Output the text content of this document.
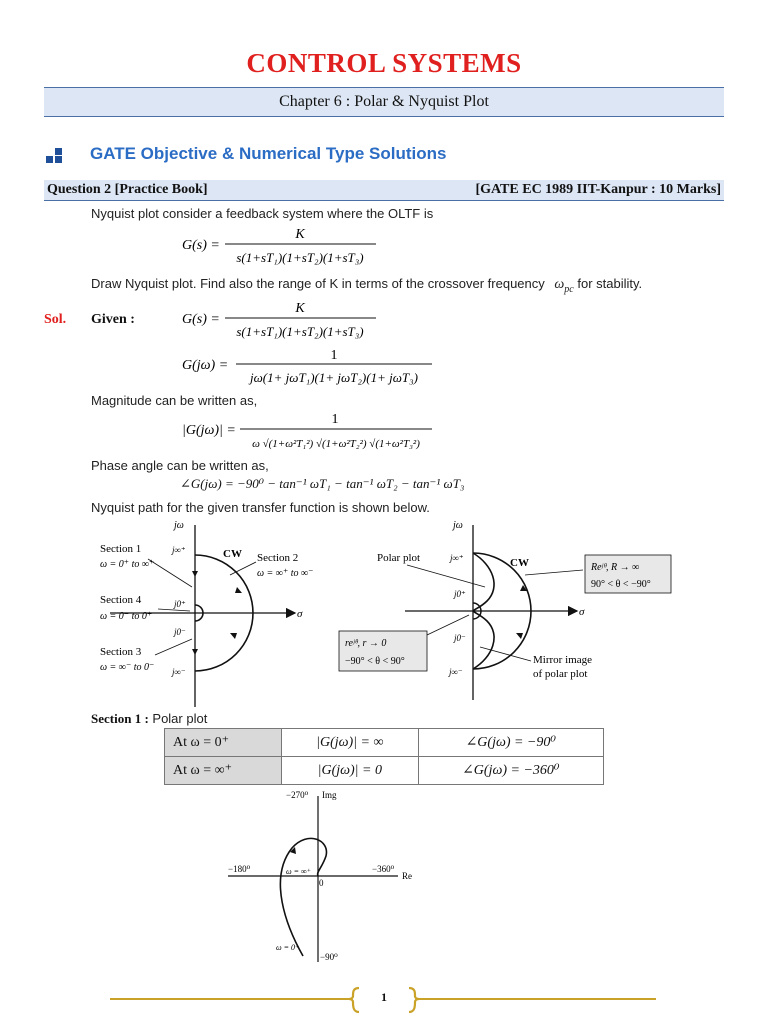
CONTROL SYSTEMS
Chapter 6 : Polar & Nyquist Plot
GATE Objective & Numerical Type Solutions
Question 2 [Practice Book]	[GATE EC 1989 IIT-Kanpur : 10 Marks]
Nyquist plot consider a feedback system where the OLTF is
G(s) =
K
s(1+sT₁)(1+sT₂)(1+sT₃)
Draw Nyquist plot. Find also the range of K in terms of the crossover frequency $\omega_{pc}$ for stability.
Sol. Given :	G(s) =
K
s(1+sT₁)(1+sT₂)(1+sT₃)
G(jω) =
1
jω(1+ jωT₁)(1+ jωT₂)(1+ jωT₃)
Magnitude can be written as,
|G(jω)| =
1
ω √(1+ω²T₁²) √(1+ω²T₂²) √(1+ω²T₃²)
Phase angle can be written as,
∠G(jω) = −90⁰ − tan⁻¹ ωT₁ − tan⁻¹ ωT₂ − tan⁻¹ ωT₃
Nyquist path for the given transfer function is shown below.
jω
j∞⁺
j0⁺
j0⁻
j∞⁻
σ
CW
Section 1
ω = 0⁺ to ∞⁺
Section 2
ω = ∞⁺ to ∞⁻
Section 4
ω = 0⁻ to 0⁺
Section 3
ω = ∞⁻ to 0⁻
jω
j∞⁺
j0⁺
j0⁻
j∞⁻
σ
CW
Polar plot
Reʲᶿ, R → ∞
90° < θ < −90°
reʲᶿ, r → 0
−90° < θ < 90°	Mirror image
of polar plot
Section 1 : Polar plot
At ω = 0⁺	|G(jω)| = ∞	∠G(jω) = −90⁰
At ω = ∞⁺	|G(jω)| = 0	∠G(jω) = −360⁰
−270⁰ Img
−180⁰	−360⁰
Re
0
ω = ∞⁺
ω = 0⁺
−90⁰
1
